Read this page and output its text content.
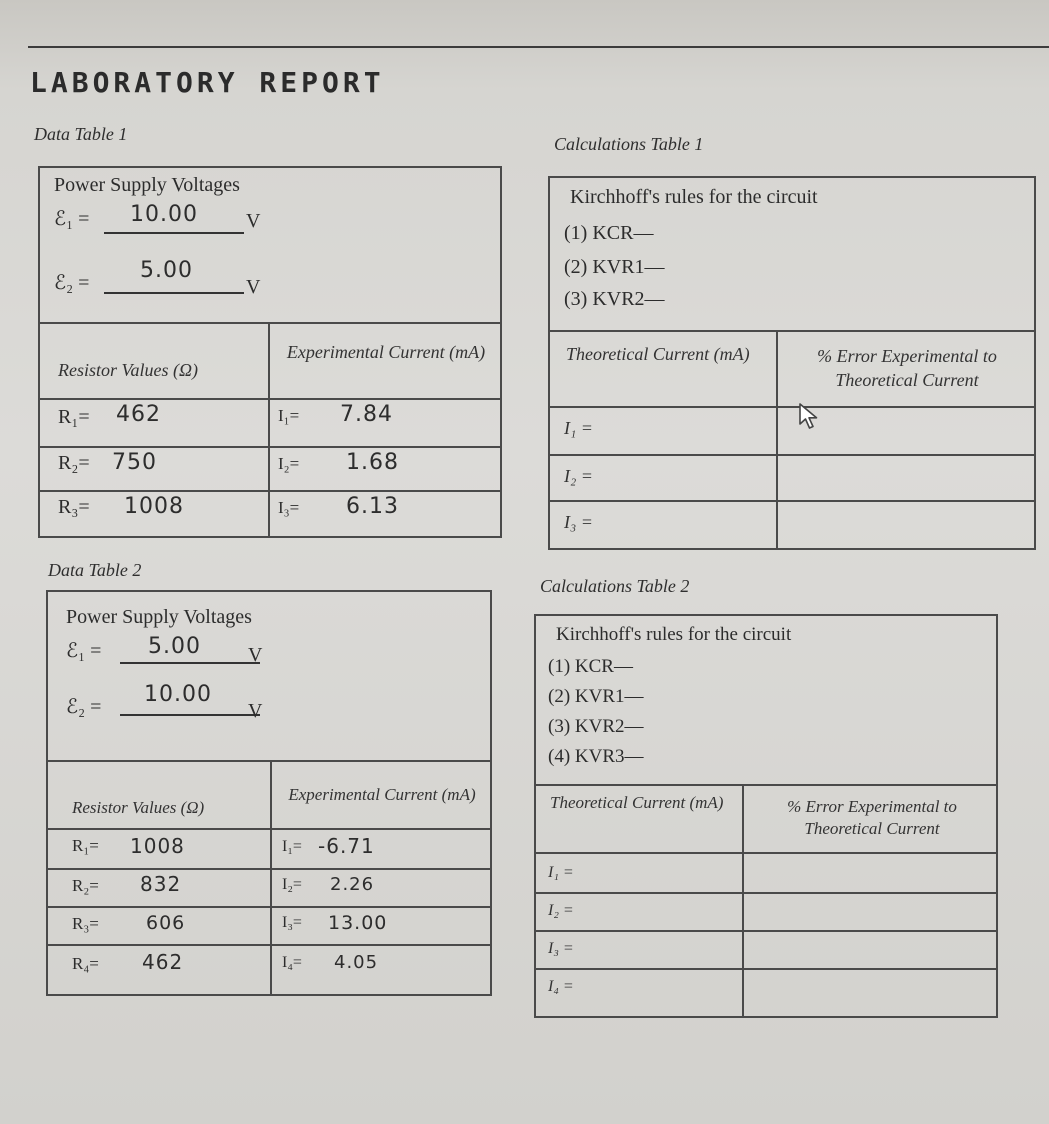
LABORATORY REPORT
Data Table 1
Power Supply Voltages
ℰ₁ = 10.00 V
ℰ₂ = 5.00
V
Resistor Values (Ω)
Experimental Current (mA)
R₁= 462	I₁= 7.84
R₂= 750	I₂= 1.68
R₃= 1008	I₃= 6.13
Calculations Table 1
Kirchhoff's rules for the circuit
(1) KCR—
(2) KVR1—
(3) KVR2—
Theoretical Current (mA)	% Error Experimental to Theoretical Current
I₁ =
I₂ =
I₃ =
Data Table 2
Power Supply Voltages
ℰ₁ = 5.00 V
ℰ₂ = 10.00
V
Resistor Values (Ω)
Experimental Current (mA)
R₁= 1008	I₁= -6.71
R₂= 832	I₂= 2.26
R₃= 606	I₃= 13.00
R₄= 462	I₄= 4.05
Calculations Table 2
Kirchhoff's rules for the circuit
(1) KCR—
(2) KVR1—
(3) KVR2—
(4) KVR3—
Theoretical Current (mA)	% Error Experimental to Theoretical Current
I₁ =
I₂ =
I₃ =
I₄ =
